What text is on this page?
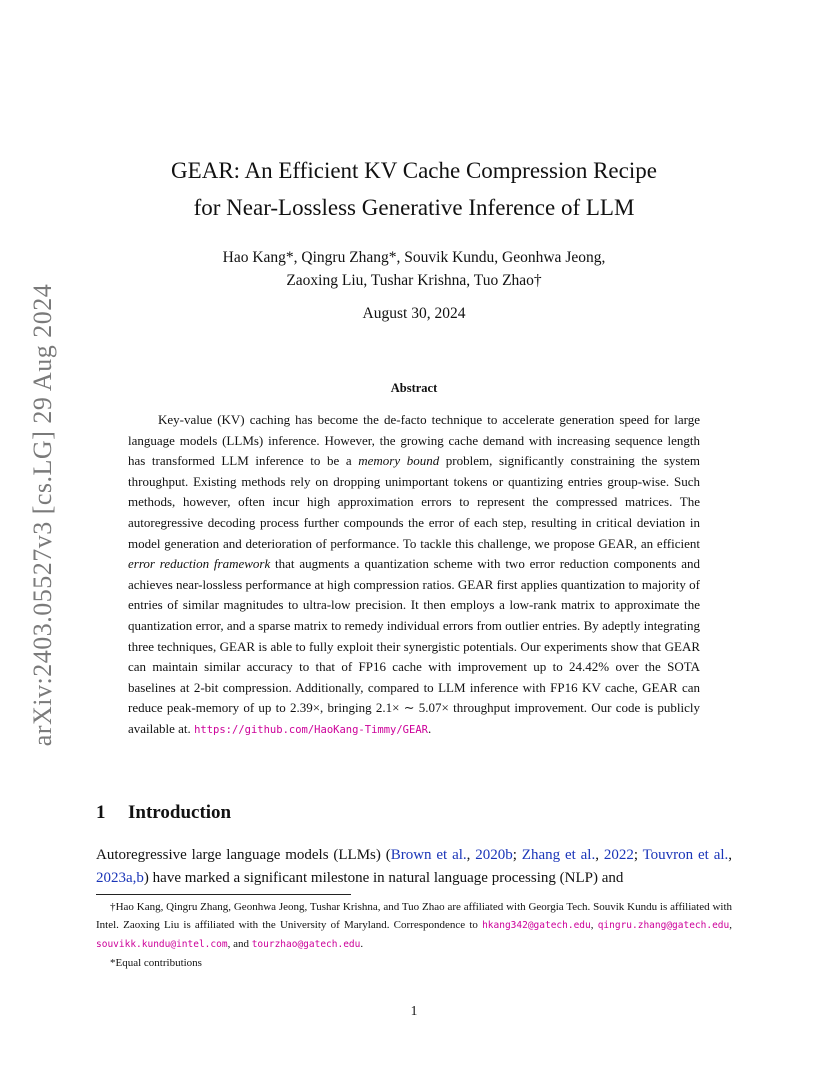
arXiv:2403.05527v3 [cs.LG] 29 Aug 2024
GEAR: An Efficient KV Cache Compression Recipe
for Near-Lossless Generative Inference of LLM
Hao Kang*, Qingru Zhang*, Souvik Kundu, Geonhwa Jeong,
Zaoxing Liu, Tushar Krishna, Tuo Zhao†
August 30, 2024
Abstract
Key-value (KV) caching has become the de-facto technique to accelerate generation speed for large language models (LLMs) inference. However, the growing cache demand with increasing sequence length has transformed LLM inference to be a memory bound problem, significantly constraining the system throughput. Existing methods rely on dropping unimportant tokens or quantizing entries group-wise. Such methods, however, often incur high approximation errors to represent the compressed matrices. The autoregressive decoding process further compounds the error of each step, resulting in critical deviation in model generation and deterioration of performance. To tackle this challenge, we propose GEAR, an efficient error reduction framework that augments a quantization scheme with two error reduction components and achieves near-lossless performance at high compression ratios. GEAR first applies quantization to majority of entries of similar magnitudes to ultra-low precision. It then employs a low-rank matrix to approximate the quantization error, and a sparse matrix to remedy individual errors from outlier entries. By adeptly integrating three techniques, GEAR is able to fully exploit their synergistic potentials. Our experiments show that GEAR can maintain similar accuracy to that of FP16 cache with improvement up to 24.42% over the SOTA baselines at 2-bit compression. Additionally, compared to LLM inference with FP16 KV cache, GEAR can reduce peak-memory of up to 2.39×, bringing 2.1× ∼ 5.07× throughput improvement. Our code is publicly available at. https://github.com/HaoKang-Timmy/GEAR.
1 Introduction
Autoregressive large language models (LLMs) (Brown et al., 2020b; Zhang et al., 2022; Touvron et al., 2023a,b) have marked a significant milestone in natural language processing (NLP) and

†Hao Kang, Qingru Zhang, Geonhwa Jeong, Tushar Krishna, and Tuo Zhao are affiliated with Georgia Tech. Souvik Kundu is affiliated with Intel. Zaoxing Liu is affiliated with the University of Maryland. Correspondence to hkang342@gatech.edu, qingru.zhang@gatech.edu, souvikk.kundu@intel.com, and tourzhao@gatech.edu.

*Equal contributions

1
